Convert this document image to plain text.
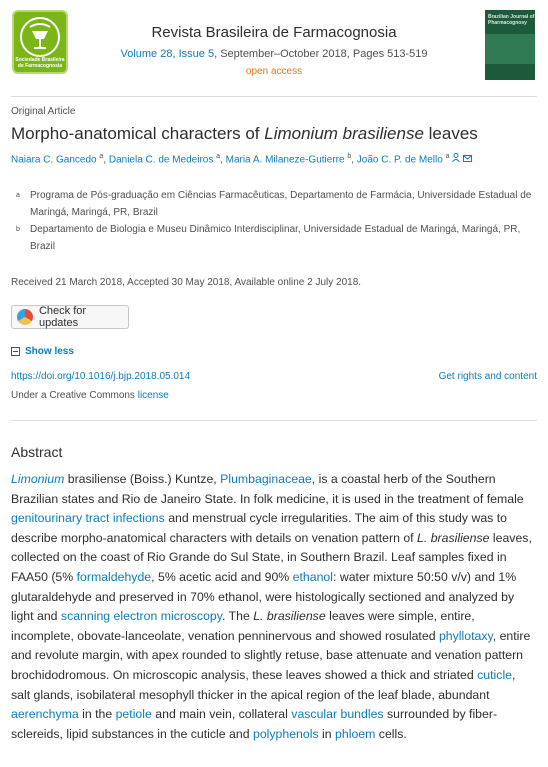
Sociedade Brasileira de Farmacognosia
Revista Brasileira de Farmacognosia
Volume 28, Issue 5, September–October 2018, Pages 513-519
open access
Brazilian Journal of Pharmacognosy
Original Article
Morpho-anatomical characters of Limonium brasiliense leaves
Naiara C. Gancedo $^a$, Daniela C. de Medeiros $^a$, Maria A. Milaneze-Gutierre $^b$, João C. P. de Mello $^a$
a Programa de Pós-graduação em Ciências Farmacêuticas, Departamento de Farmácia, Universidade Estadual de Maringá, Maringá, PR, Brazil
b Departamento de Biologia e Museu Dinâmico Interdisciplinar, Universidade Estadual de Maringá, Maringá, PR, Brazil
Received 21 March 2018, Accepted 30 May 2018, Available online 2 July 2018.
Check for updates
Show less
https://doi.org/10.1016/j.bjp.2018.05.014	Get rights and content
Under a Creative Commons license
Abstract
Limonium brasiliense (Boiss.) Kuntze, Plumbaginaceae, is a coastal herb of the Southern Brazilian states and Rio de Janeiro State. In folk medicine, it is used in the treatment of female genitourinary tract infections and menstrual cycle irregularities. The aim of this study was to describe morpho-anatomical characters with details on venation pattern of L. brasiliense leaves, collected on the coast of Rio Grande do Sul State, in Southern Brazil. Leaf samples fixed in FAA50 (5% formaldehyde, 5% acetic acid and 90% ethanol: water mixture 50:50 v/v) and 1% glutaraldehyde and preserved in 70% ethanol, were histologically sectioned and analyzed by light and scanning electron microscopy. The L. brasiliense leaves were simple, entire, incomplete, obovate-lanceolate, venation penninervous and showed rosulated phyllotaxy, entire and revolute margin, with apex rounded to slightly retuse, base attenuate and venation pattern brochidodromous. On microscopic analysis, these leaves showed a thick and striated cuticle, salt glands, isobilateral mesophyll thicker in the apical region of the leaf blade, abundant aerenchyma in the petiole and main vein, collateral vascular bundles surrounded by fiber-sclereids, lipid substances in the cuticle and polyphenols in phloem cells.
